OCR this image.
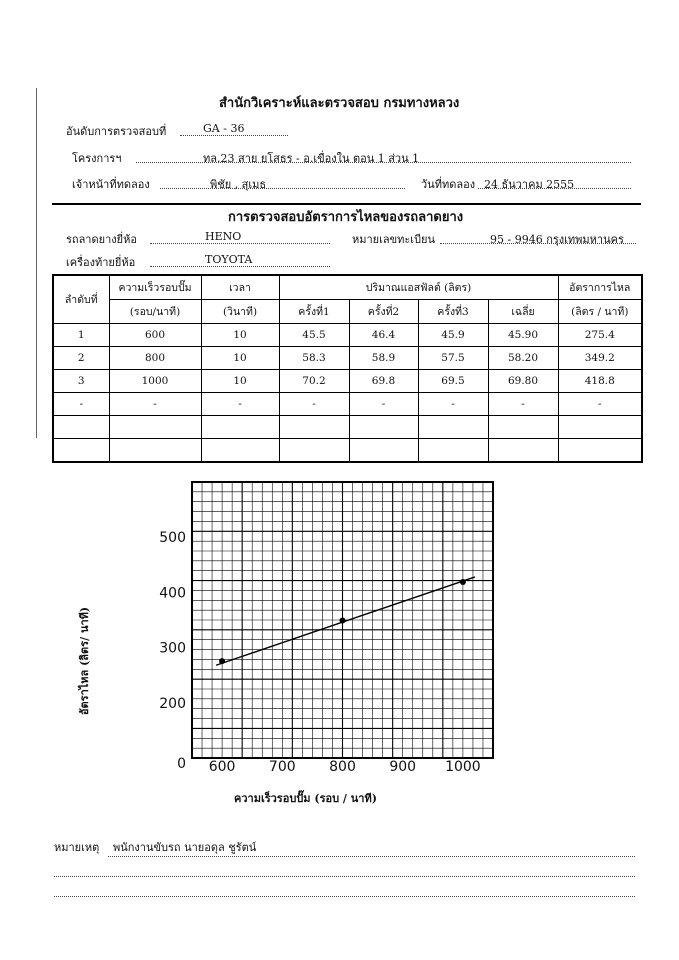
สำนักวิเคราะห์และตรวจสอบ กรมทางหลวง
อันดับการตรวจสอบที่	GA - 36
โครงการฯ	ทล.23 สาย ยโสธร - อ.เขื่องใน ตอน 1 ส่วน 1
เจ้าหน้าที่ทดลอง	พิชัย , สุเมธ	วันที่ทดลอง 24 ธันวาคม 2555
การตรวจสอบอัตราการไหลของรถลาดยาง
รถลาดยางยี่ห้อ	HENO	หมายเลขทะเบียน	95 - 9946 กรุงเทพมหานคร
เครื่องท้ายยี่ห้อ	TOYOTA
ลำดับที่	ความเร็วรอบปั๊ม	เวลา	ปริมาณแอสฟัลต์ (ลิตร)				อัตราการไหล
	(รอบ/นาที)	(วินาที)	ครั้งที่1	ครั้งที่2	ครั้งที่3	เฉลี่ย	(ลิตร / นาที)
1	600	10	45.5	46.4	45.9	45.90	275.4
2	800	10	58.3	58.9	57.5	58.20	349.2
3	1000	10	70.2	69.8	69.5	69.80	418.8
-	-	-	-	-	-	-	-

600 700 800 900 1000
200
300
400
500
0
อัตราไหล (ลิตร/ นาที)
ความเร็วรอบปั๊ม (รอบ / นาที)
หมายเหตุ พนักงานขับรถ นายอดุล ชูรัตน์
